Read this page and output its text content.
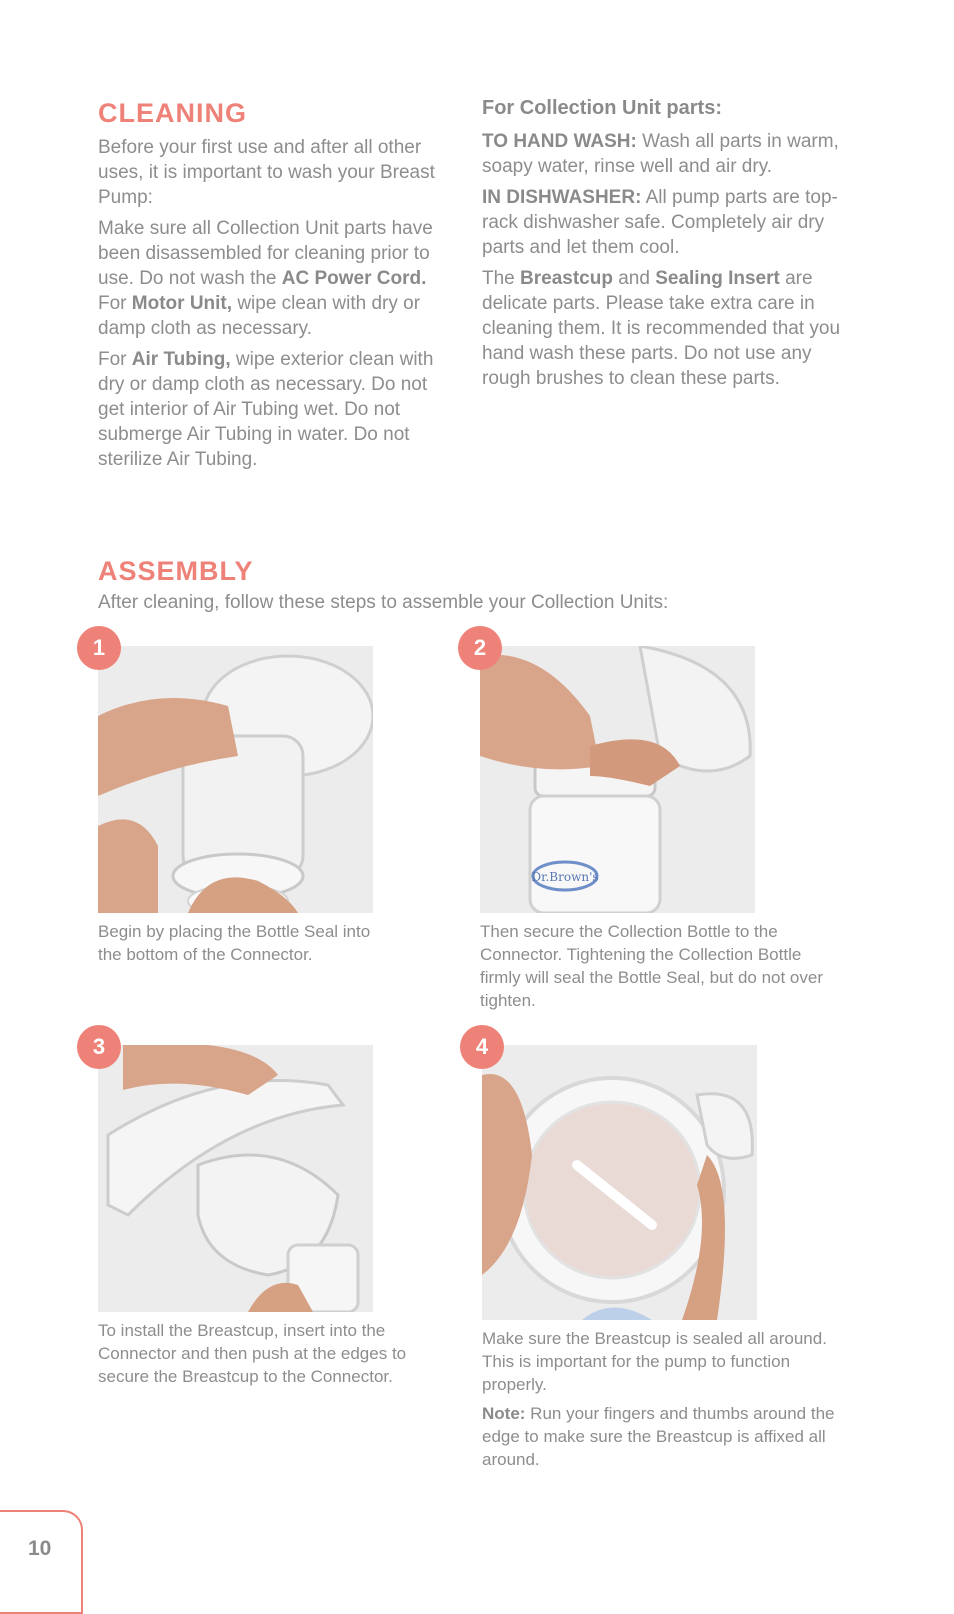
CLEANING

Before your first use and after all other uses, it is important to wash your Breast Pump:

Make sure all Collection Unit parts have been disassembled for cleaning prior to use. Do not wash the AC Power Cord. For Motor Unit, wipe clean with dry or damp cloth as necessary.

For Air Tubing, wipe exterior clean with dry or damp cloth as necessary. Do not get interior of Air Tubing wet. Do not submerge Air Tubing in water. Do not sterilize Air Tubing.

For Collection Unit parts:

TO HAND WASH: Wash all parts in warm, soapy water, rinse well and air dry.

IN DISHWASHER: All pump parts are top-rack dishwasher safe. Completely air dry parts and let them cool.

The Breastcup and Sealing Insert are delicate parts. Please take extra care in cleaning them. It is recommended that you hand wash these parts. Do not use any rough brushes to clean these parts.

ASSEMBLY

After cleaning, follow these steps to assemble your Collection Units:

1

Begin by placing the Bottle Seal into the bottom of the Connector.

Dr.Brown's
2

Then secure the Collection Bottle to the Connector. Tightening the Collection Bottle firmly will seal the Bottle Seal, but do not over tighten.

3

To install the Breastcup, insert into the Connector and then push at the edges to secure the Breastcup to the Connector.

4

Make sure the Breastcup is sealed all around. This is important for the pump to function properly.

Note: Run your fingers and thumbs around the edge to make sure the Breastcup is affixed all around.

10
